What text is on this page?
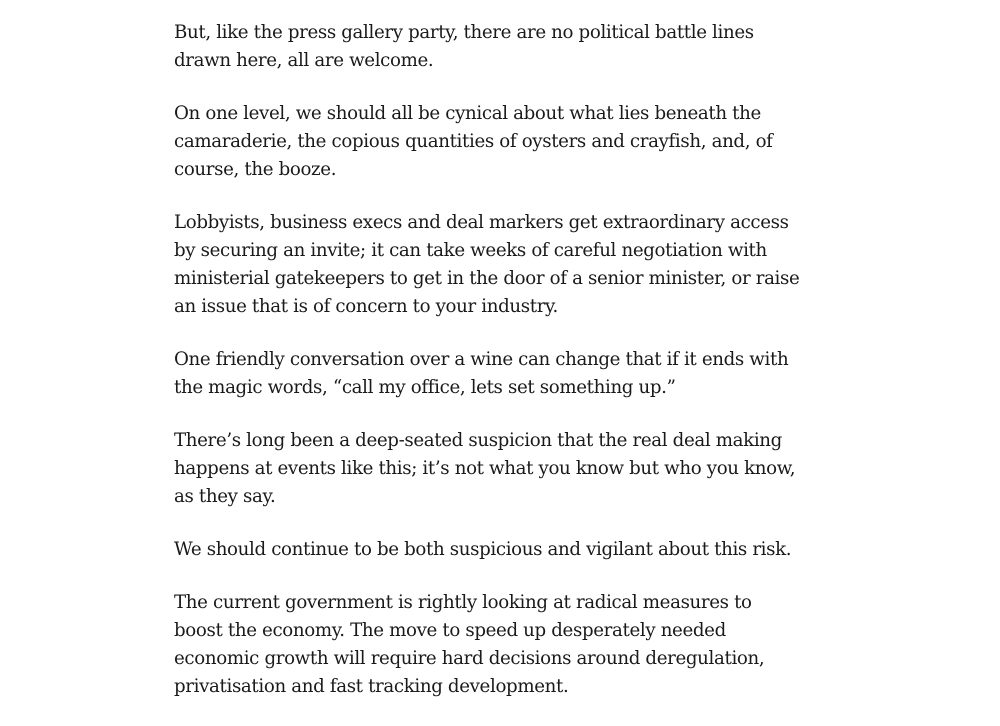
But, like the press gallery party, there are no political battle lines drawn here, all are welcome.

On one level, we should all be cynical about what lies beneath the camaraderie, the copious quantities of oysters and crayfish, and, of course, the booze.

Lobbyists, business execs and deal markers get extraordinary access by securing an invite; it can take weeks of careful negotiation with ministerial gatekeepers to get in the door of a senior minister, or raise an issue that is of concern to your industry.

One friendly conversation over a wine can change that if it ends with the magic words, “call my office, lets set something up.”

There’s long been a deep-seated suspicion that the real deal making happens at events like this; it’s not what you know but who you know, as they say.

We should continue to be both suspicious and vigilant about this risk.

The current government is rightly looking at radical measures to boost the economy. The move to speed up desperately needed economic growth will require hard decisions around deregulation, privatisation and fast tracking development.
